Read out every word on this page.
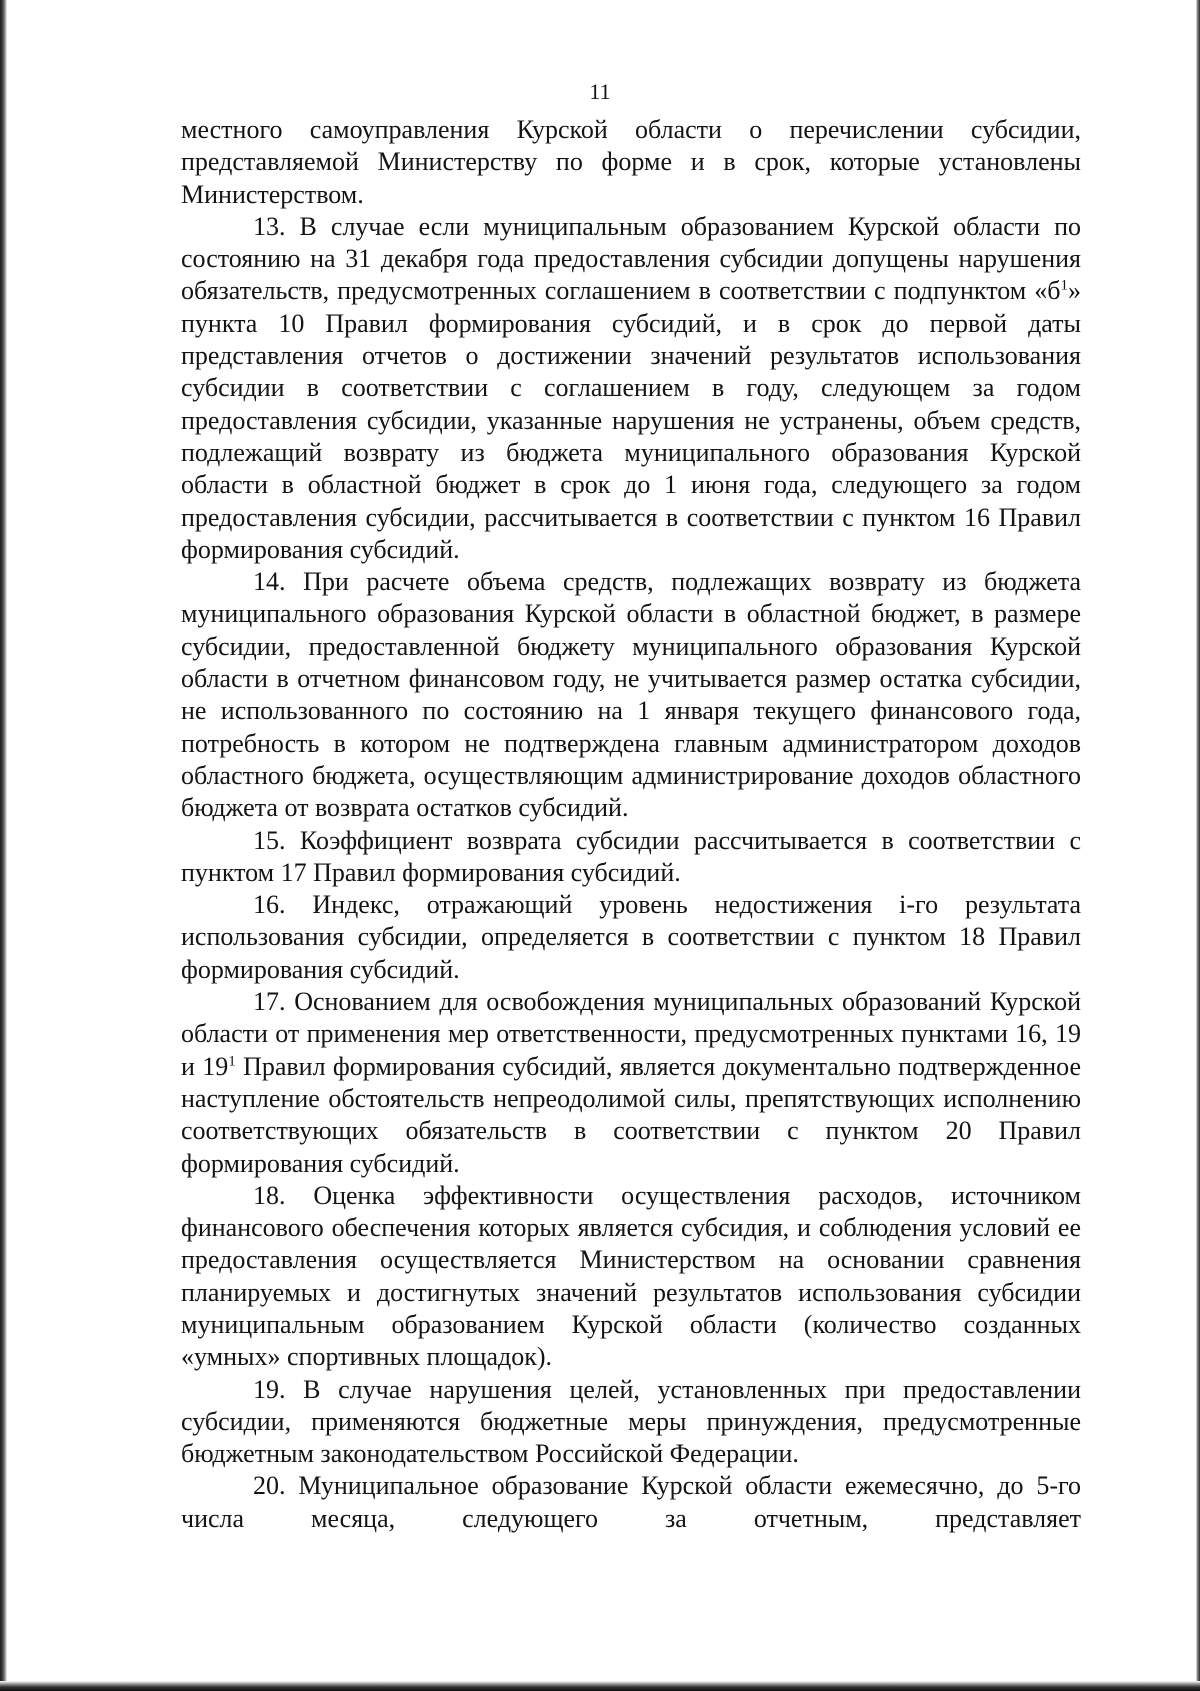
11

местного самоуправления Курской области о перечислении субсидии, представляемой Министерству по форме и в срок, которые установлены Министерством.

13. В случае если муниципальным образованием Курской области по состоянию на 31 декабря года предоставления субсидии допущены нарушения обязательств, предусмотренных соглашением в соответствии с подпунктом «$б^1$» пункта 10 Правил формирования субсидий, и в срок до первой даты представления отчетов о достижении значений результатов использования субсидии в соответствии с соглашением в году, следующем за годом предоставления субсидии, указанные нарушения не устранены, объем средств, подлежащий возврату из бюджета муниципального образования Курской области в областной бюджет в срок до 1 июня года, следующего за годом предоставления субсидии, рассчитывается в соответствии с пунктом 16 Правил формирования субсидий.

14. При расчете объема средств, подлежащих возврату из бюджета муниципального образования Курской области в областной бюджет, в размере субсидии, предоставленной бюджету муниципального образования Курской области в отчетном финансовом году, не учитывается размер остатка субсидии, не использованного по состоянию на 1 января текущего финансового года, потребность в котором не подтверждена главным администратором доходов областного бюджета, осуществляющим администрирование доходов областного бюджета от возврата остатков субсидий.

15. Коэффициент возврата субсидии рассчитывается в соответствии с пунктом 17 Правил формирования субсидий.

16. Индекс, отражающий уровень недостижения i-го результата использования субсидии, определяется в соответствии с пунктом 18 Правил формирования субсидий.

17. Основанием для освобождения муниципальных образований Курской области от применения мер ответственности, предусмотренных пунктами 16, 19 и $19^1$ Правил формирования субсидий, является документально подтвержденное наступление обстоятельств непреодолимой силы, препятствующих исполнению соответствующих обязательств в соответствии с пунктом 20 Правил формирования субсидий.

18. Оценка эффективности осуществления расходов, источником финансового обеспечения которых является субсидия, и соблюдения условий ее предоставления осуществляется Министерством на основании сравнения планируемых и достигнутых значений результатов использования субсидии муниципальным образованием Курской области (количество созданных «умных» спортивных площадок).

19. В случае нарушения целей, установленных при предоставлении субсидии, применяются бюджетные меры принуждения, предусмотренные бюджетным законодательством Российской Федерации.

20. Муниципальное образование Курской области ежемесячно, до 5-го числа месяца, следующего за отчетным, представляет
